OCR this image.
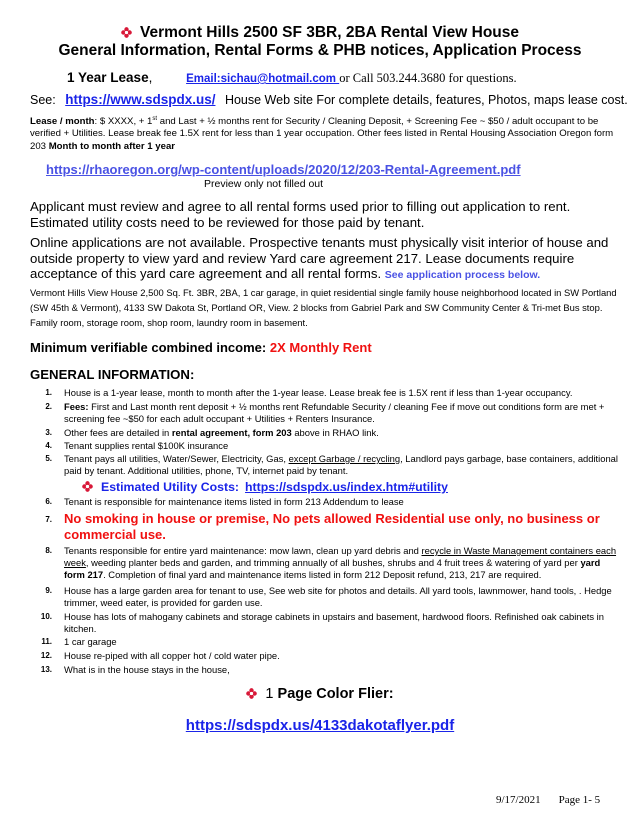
Vermont Hills 2500 SF 3BR, 2BA Rental View House
General Information, Rental Forms & PHB notices, Application Process
1 Year Lease,	Email:sichau@hotmail.com or Call 503.244.3680 for questions.
See: https://www.sdspdx.us/ House Web site For complete details, features, Photos, maps lease cost.
Lease / month: $ XXXX, + 1st and Last + ½ months rent for Security / Cleaning Deposit, + Screening Fee ~ $50 / adult occupant to be verified + Utilities. Lease break fee 1.5X rent for less than 1 year occupation. Other fees listed in Rental Housing Association Oregon form 203 Month to month after 1 year
https://rhaoregon.org/wp-content/uploads/2020/12/203-Rental-Agreement.pdf
Preview only not filled out
Applicant must review and agree to all rental forms used prior to filling out application to rent. Estimated utility costs need to be reviewed for those paid by tenant.
Online applications are not available. Prospective tenants must physically visit interior of house and outside property to view yard and review Yard care agreement 217. Lease documents require acceptance of this yard care agreement and all rental forms. See application process below.
Vermont Hills View House 2,500 Sq. Ft. 3BR, 2BA, 1 car garage, in quiet residential single family house neighborhood located in SW Portland (SW 45th & Vermont), 4133 SW Dakota St, Portland OR, View. 2 blocks from Gabriel Park and SW Community Center & Tri-met Bus stop. Family room, storage room, shop room, laundry room in basement.
Minimum verifiable combined income: 2X Monthly Rent
GENERAL INFORMATION:
1. House is a 1-year lease, month to month after the 1-year lease. Lease break fee is 1.5X rent if less than 1-year occupancy.
2. Fees: First and Last month rent deposit + ½ months rent Refundable Security / cleaning Fee if move out conditions form are met + screening fee ~$50 for each adult occupant + Utilities + Renters Insurance.
3. Other fees are detailed in rental agreement, form 203 above in RHAO link.
4. Tenant supplies rental $100K insurance
5. Tenant pays all utilities, Water/Sewer, Electricity, Gas, except Garbage / recycling, Landlord pays garbage, base containers, additional paid by tenant. Additional utilities, phone, TV, internet paid by tenant.
6. Tenant is responsible for maintenance items listed in form 213 Addendum to lease
7. No smoking in house or premise, No pets allowed Residential use only, no business or commercial use.
8. Tenants responsible for entire yard maintenance: mow lawn, clean up yard debris and recycle in Waste Management containers each week, weeding planter beds and garden, and trimming annually of all bushes, shrubs and 4 fruit trees & watering of yard per yard form 217. Completion of final yard and maintenance items listed in form 212 Deposit refund, 213, 217 are required.
9. House has a large garden area for tenant to use, See web site for photos and details. All yard tools, lawnmower, hand tools, . Hedge trimmer, weed eater, is provided for garden use.
10. House has lots of mahogany cabinets and storage cabinets in upstairs and basement, hardwood floors. Refinished oak cabinets in kitchen.
11. 1 car garage
12. House re-piped with all copper hot / cold water pipe.
13. What is in the house stays in the house,
Estimated Utility Costs: https://sdspdx.us/index.htm#utility
1 Page Color Flier:
https://sdspdx.us/4133dakotaflyer.pdf
9/17/2021 Page 1- 5
